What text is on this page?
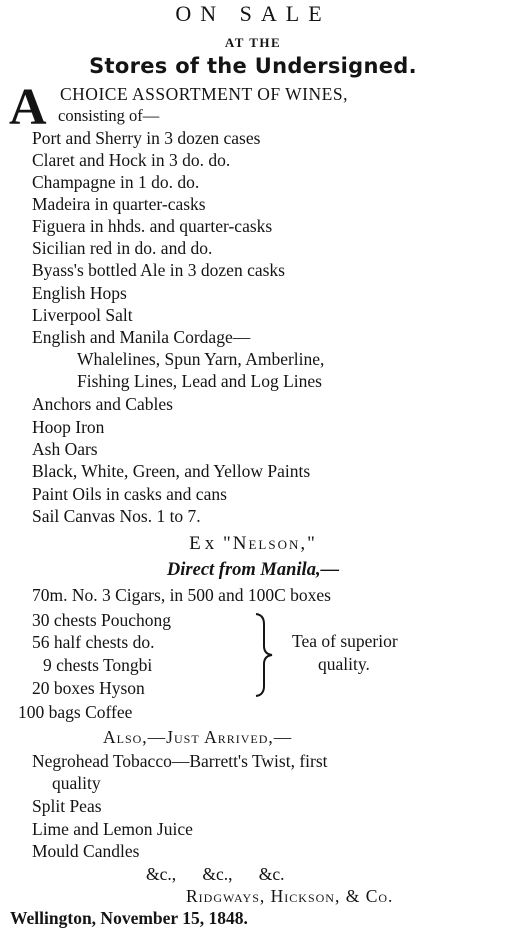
ON SALE
AT THE
Stores of the Undersigned.
A CHOICE ASSORTMENT OF WINES,
consisting of—
Port and Sherry in 3 dozen cases
Claret and Hock in 3 do. do.
Champagne in 1 do. do.
Madeira in quarter-casks
Figuera in hhds. and quarter-casks
Sicilian red in do. and do.
Byass's bottled Ale in 3 dozen casks
English Hops
Liverpool Salt
English and Manila Cordage—
Whalelines, Spun Yarn, Amberline,
Fishing Lines, Lead and Log Lines
Anchors and Cables
Hoop Iron
Ash Oars
Black, White, Green, and Yellow Paints
Paint Oils in casks and cans
Sail Canvas Nos. 1 to 7.
Ex "Nelson,"
Direct from Manila,—
70m. No. 3 Cigars, in 500 and 100C boxes
30 chests Pouchong
56 half chests do.
9 chests Tongbi
20 boxes Hyson
Tea of superior
quality.
100 bags Coffee
Also,—Just Arrived,—
Negrohead Tobacco—Barrett's Twist, first
quality
Split Peas
Lime and Lemon Juice
Mould Candles
&c.,      &c.,      &c.
Ridgways, Hickson, & Co.
Wellington, November 15, 1848.
